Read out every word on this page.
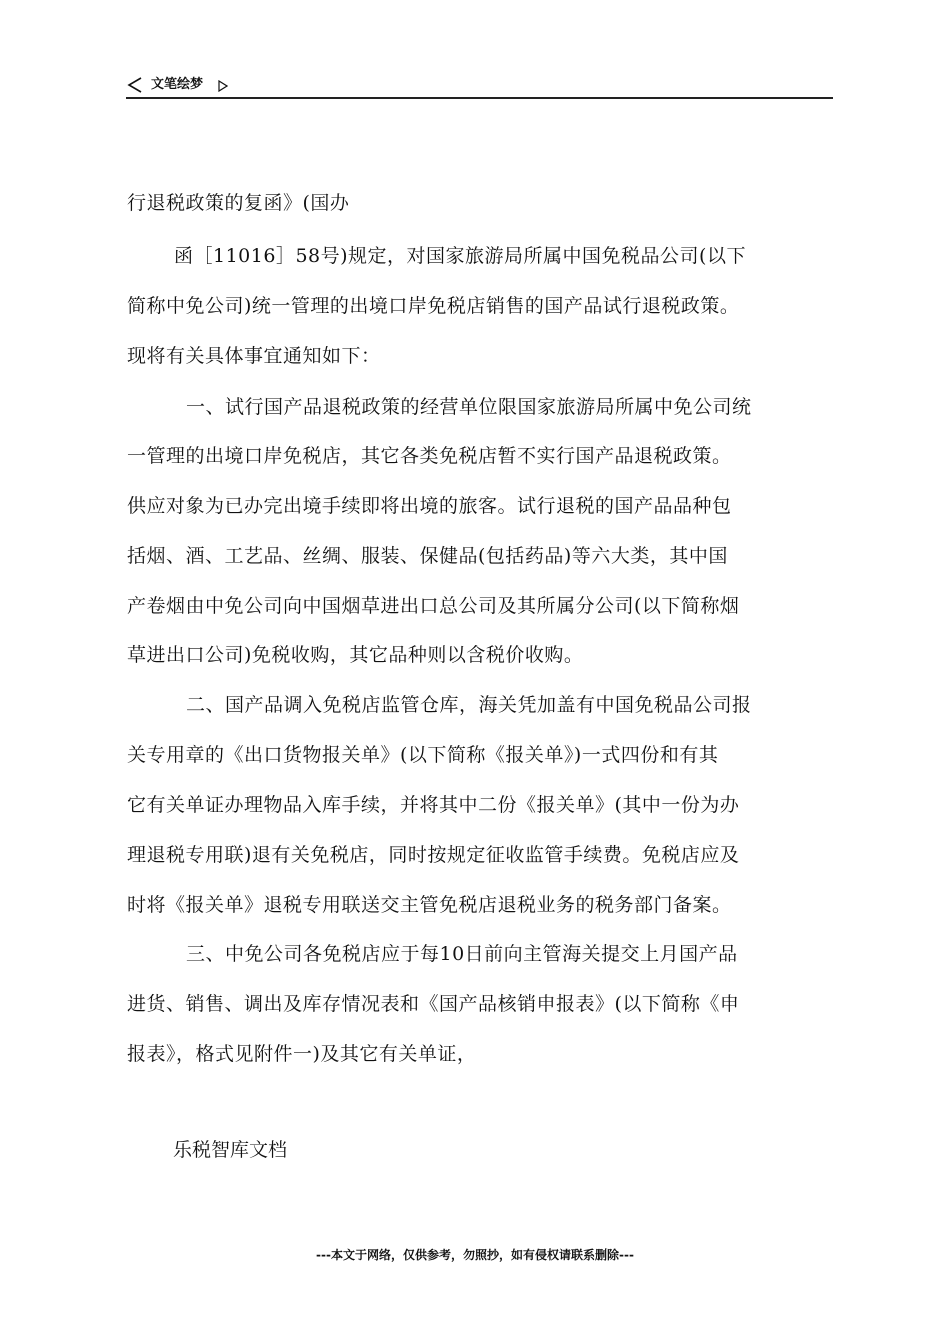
文笔绘梦
行退税政策的复函》(国办
函［11016］58号)规定，对国家旅游局所属中国免税品公司(以下
简称中免公司)统一管理的出境口岸免税店销售的国产品试行退税政策。
现将有关具体事宜通知如下：
一、试行国产品退税政策的经营单位限国家旅游局所属中免公司统
一管理的出境口岸免税店，其它各类免税店暂不实行国产品退税政策。
供应对象为已办完出境手续即将出境的旅客。试行退税的国产品品种包
括烟、酒、工艺品、丝绸、服装、保健品(包括药品)等六大类，其中国
产卷烟由中免公司向中国烟草进出口总公司及其所属分公司(以下简称烟
草进出口公司)免税收购，其它品种则以含税价收购。
二、国产品调入免税店监管仓库，海关凭加盖有中国免税品公司报
关专用章的《出口货物报关单》(以下简称《报关单》)一式四份和有其
它有关单证办理物品入库手续，并将其中二份《报关单》(其中一份为办
理退税专用联)退有关免税店，同时按规定征收监管手续费。免税店应及
时将《报关单》退税专用联送交主管免税店退税业务的税务部门备案。
三、中免公司各免税店应于每10日前向主管海关提交上月国产品
进货、销售、调出及库存情况表和《国产品核销申报表》(以下简称《申
报表》，格式见附件一)及其它有关单证，
乐税智库文档
---本文于网络，仅供参考，勿照抄，如有侵权请联系删除---
